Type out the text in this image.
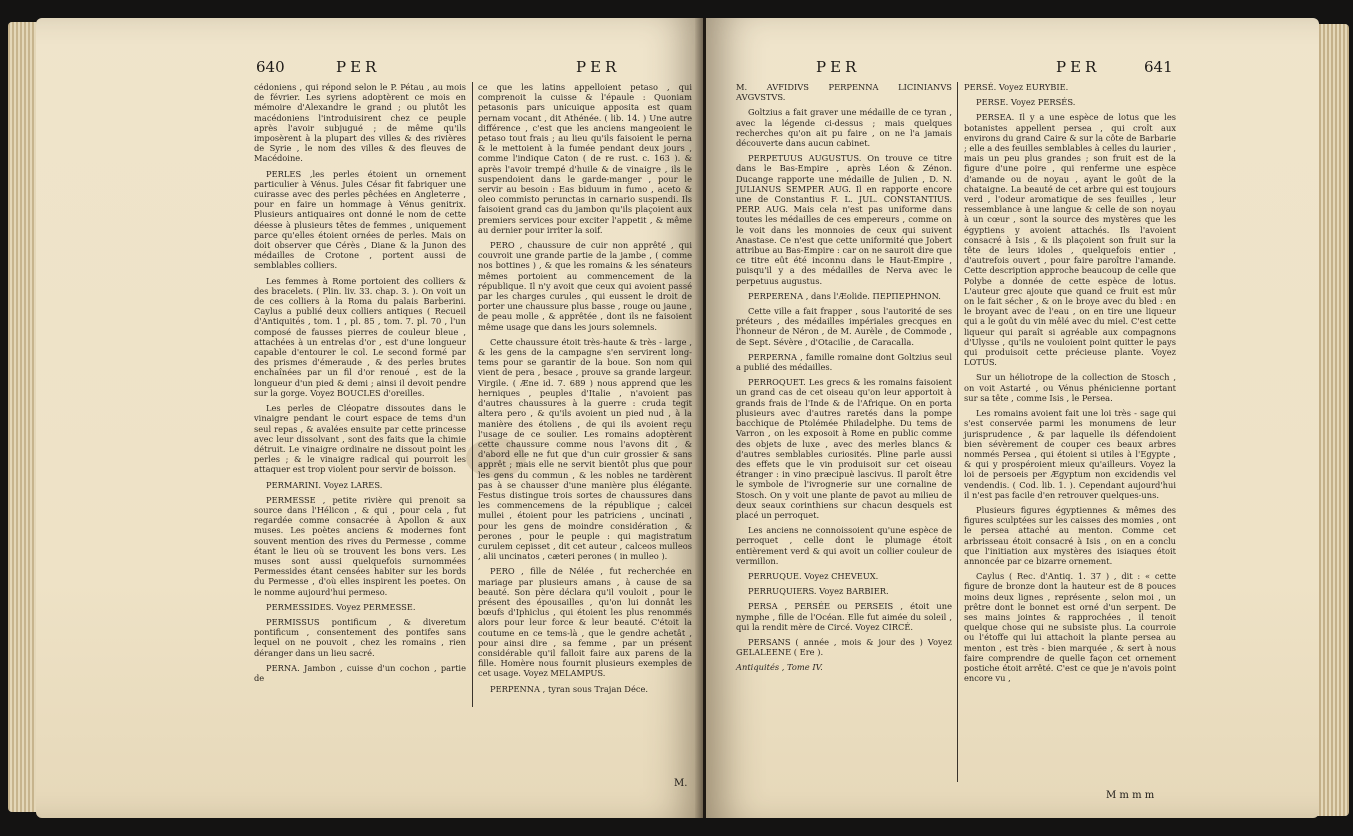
640	PER	PER

cédoniens , qui répond selon le P. Pétau , au mois de février. Les syriens adoptèrent ce mois en mémoire d'Alexandre le grand ; ou plutôt les macédoniens l'introduisirent chez ce peuple après l'avoir subjugué ; de même qu'ils imposèrent à la plupart des villes & des rivières de Syrie , le nom des villes & des fleuves de Macédoine.

PERLES ,les perles étoient un ornement particulier à Vénus. Jules César fit fabriquer une cuirasse avec des perles pêchées en Angleterre , pour en faire un hommage à Vénus genitrix. Plusieurs antiquaires ont donné le nom de cette déesse à plusieurs têtes de femmes , uniquement parce qu'elles étoient ornées de perles. Mais on doit observer que Cérès , Diane & la Junon des médailles de Crotone , portent aussi de semblables colliers.

Les femmes à Rome portoient des colliers & des bracelets. ( Plin. liv. 33. chap. 3. ). On voit un de ces colliers à la Roma du palais Barberini. Caylus a publié deux colliers antiques ( Recueil d'Antiquités , tom. 1 , pl. 85 , tom. 7. pl. 70 , l'un composé de fausses pierres de couleur bleue , attachées à un entrelas d'or , est d'une longueur capable d'entourer le col. Le second formé par des prismes d'émeraude , & des perles brutes enchaînées par un fil d'or renoué , est de la longueur d'un pied & demi ; ainsi il devoit pendre sur la gorge. Voyez BOUCLES d'oreilles.

Les perles de Cléopatre dissoutes dans le vinaigre pendant le court espace de tems d'un seul repas , & avalées ensuite par cette princesse avec leur dissolvant , sont des faits que la chimie détruit. Le vinaigre ordinaire ne dissout point les perles ; & le vinaigre radical qui pourroit les attaquer est trop violent pour servir de boisson.

PERMARINI. Voyez LARES.

PERMESSE , petite rivière qui prenoit sa source dans l'Hélicon , & qui , pour cela , fut regardée comme consacrée à Apollon & aux muses. Les poètes anciens & modernes font souvent mention des rives du Permesse , comme étant le lieu où se trouvent les bons vers. Les muses sont aussi quelquefois surnommées Permessides étant censées habiter sur les bords du Permesse , d'où elles inspirent les poetes. On le nomme aujourd'hui permeso.

PERMESSIDES. Voyez PERMESSE.

PERMISSUS pontificum , & diveretum pontificum , consentement des pontifes sans lequel on ne pouvoit , chez les romains , rien déranger dans un lieu sacré.

PERNA. Jambon , cuisse d'un cochon , partie de

ce que les latins appelloient petaso , qui comprenoit la cuisse & l'épaule : Quoniam petasonis pars unicuique apposita est quam pernam vocant , dit Athénée. ( lib. 14. ) Une autre différence , c'est que les anciens mangeoient le petaso tout frais ; au lieu qu'ils faisoient le perna & le mettoient à la fumée pendant deux jours , comme l'indique Caton ( de re rust. c. 163 ). & après l'avoir trempé d'huile & de vinaigre , ils le suspendoient dans le garde-manger , pour le servir au besoin : Eas biduum in fumo , aceto & oleo commisto perunctas in carnario suspendi. Ils faisoient grand cas du jambon qu'ils plaçoient aux premiers services pour exciter l'appetit , & même au dernier pour irriter la soif.

PERO , chaussure de cuir non apprêté , qui couvroit une grande partie de la jambe , ( comme nos bottines ) , & que les romains & les sénateurs mêmes portoient au commencement de la république. Il n'y avoit que ceux qui avoient passé par les charges curules , qui eussent le droit de porter une chaussure plus basse , rouge ou jaune , de peau molle , & apprêtée , dont ils ne faisoient même usage que dans les jours solemnels.

Cette chaussure étoit très-haute & très - large , & les gens de la campagne s'en servirent long-tems pour se garantir de la boue. Son nom qui vient de pera , besace , prouve sa grande largeur. Virgile. ( Æne id. 7. 689 ) nous apprend que les herniques , peuples d'Italie , n'avoient pas d'autres chaussures à la guerre : cruda tegit altera pero , & qu'ils avoient un pied nud , à la manière des étoliens , de qui ils avoient reçu l'usage de ce soulier. Les romains adoptèrent cette chaussure comme nous l'avons dit , & d'abord elle ne fut que d'un cuir grossier & sans apprêt ; mais elle ne servit bientôt plus que pour les gens du commun , & les nobles ne tardèrent pas à se chausser d'une manière plus élégante. Festus distingue trois sortes de chaussures dans les commencemens de la république ; calcei mullei , étoient pour les patriciens , uncinati , pour les gens de moindre considération , & perones , pour le peuple : qui magistratum curulem cepisset , dit cet auteur , calceos mulleos , alii uncinatos , cæteri perones ( in mulleo ).

PERO , fille de Nélée , fut recherchée en mariage par plusieurs amans , à cause de sa beauté. Son père déclara qu'il vouloit , pour le présent des épousailles , qu'on lui donnât les bœufs d'Iphiclus , qui étoient les plus renommés alors pour leur force & leur beauté. C'étoit la coutume en ce tems-là , que le gendre achetât , pour ainsi dire , sa femme , par un présent considérable qu'il falloit faire aux parens de la fille. Homère nous fournit plusieurs exemples de cet usage. Voyez MELAMPUS.

PERPENNA , tyran sous Trajan Déce.

M.
PER	PER	641

M. AVFIDIVS PERPENNA LICINIANVS AVGVSTVS.

Goltzius a fait graver une médaille de ce tyran , avec la légende ci-dessus ; mais quelques recherches qu'on ait pu faire , on ne l'a jamais découverte dans aucun cabinet.

PERPETUUS AUGUSTUS. On trouve ce titre dans le Bas-Empire , après Léon & Zénon. Ducange rapporte une médaille de Julien , D. N. JULIANUS SEMPER AUG. Il en rapporte encore une de Constantius F. L. JUL. CONSTANTIUS. PERP. AUG. Mais cela n'est pas uniforme dans toutes les médailles de ces empereurs , comme on le voit dans les monnoies de ceux qui suivent Anastase. Ce n'est que cette uniformité que Jobert attribue au Bas-Empire : car on ne sauroit dire que ce titre eût été inconnu dans le Haut-Empire , puisqu'il y a des médailles de Nerva avec le perpetuus augustus.

PERPERENA , dans l'Æolide. ПЕРПЕРНNON.

Cette ville a fait frapper , sous l'autorité de ses préteurs , des médailles impériales grecques en l'honneur de Néron , de M. Aurèle , de Commode , de Sept. Sévère , d'Otacilie , de Caracalla.

PERPERNA , famille romaine dont Goltzius seul a publié des médailles.

PERROQUET. Les grecs & les romains faisoient un grand cas de cet oiseau qu'on leur apportoit à grands frais de l'Inde & de l'Afrique. On en porta plusieurs avec d'autres raretés dans la pompe bacchique de Ptolémée Philadelphe. Du tems de Varron , on les exposoit à Rome en public comme des objets de luxe , avec des merles blancs & d'autres semblables curiosités. Pline parle aussi des effets que le vin produisoit sur cet oiseau étranger : in vino præcipuè lascivus. Il paroît être le symbole de l'ivrognerie sur une cornaline de Stosch. On y voit une plante de pavot au milieu de deux seaux corinthiens sur chacun desquels est placé un perroquet.

Les anciens ne connoissoient qu'une espèce de perroquet , celle dont le plumage étoit entièrement verd & qui avoit un collier couleur de vermillon.

PERRUQUE. Voyez CHEVEUX.

PERRUQUIERS. Voyez BARBIER.

PERSA , PERSÉE ou PERSEIS , étoit une nymphe , fille de l'Océan. Elle fut aimée du soleil , qui la rendit mère de Circé. Voyez CIRCÉ.

PERSANS ( année , mois & jour des ) Voyez GELALEENE ( Ere ).

Antiquités , Tome IV.

PERSÉ. Voyez EURYBIE.

PERSE. Voyez PERSÉS.

PERSEA. Il y a une espèce de lotus que les botanistes appellent persea , qui croît aux environs du grand Caire & sur la côte de Barbarie ; elle a des feuilles semblables à celles du laurier , mais un peu plus grandes ; son fruit est de la figure d'une poire , qui renferme une espèce d'amande ou de noyau , ayant le goût de la chataigne. La beauté de cet arbre qui est toujours verd , l'odeur aromatique de ses feuilles , leur ressemblance à une langue & celle de son noyau à un cœur , sont la source des mystères que les égyptiens y avoient attachés. Ils l'avoient consacré à Isis , & ils plaçoient son fruit sur la tête de leurs idoles , quelquefois entier , d'autrefois ouvert , pour faire paroître l'amande. Cette description approche beaucoup de celle que Polybe a donnée de cette espèce de lotus. L'auteur grec ajoute que quand ce fruit est mûr on le fait sécher , & on le broye avec du bled : en le broyant avec de l'eau , on en tire une liqueur qui a le goût du vin mêlé avec du miel. C'est cette liqueur qui paraît si agréable aux compagnons d'Ulysse , qu'ils ne vouloient point quitter le pays qui produisoit cette précieuse plante. Voyez LOTUS.

Sur un héliotrope de la collection de Stosch , on voit Astarté , ou Vénus phénicienne portant sur sa tête , comme Isis , le Persea.

Les romains avoient fait une loi très - sage qui s'est conservée parmi les monumens de leur jurisprudence , & par laquelle ils défendoient bien sévèrement de couper ces beaux arbres nommés Persea , qui étoient si utiles à l'Egypte , & qui y prospéroient mieux qu'ailleurs. Voyez la loi de persoeis per Ægyptum non excidendis vel vendendis. ( Cod. lib. 1. ). Cependant aujourd'hui il n'est pas facile d'en retrouver quelques-uns.

Plusieurs figures égyptiennes & mêmes des figures sculptées sur les caisses des momies , ont le persea attaché au menton. Comme cet arbrisseau étoit consacré à Isis , on en a conclu que l'initiation aux mystères des isiaques étoit annoncée par ce bizarre ornement.

Caylus ( Rec. d'Antiq. 1. 37 ) , dit : « cette figure de bronze dont la hauteur est de 8 pouces moins deux lignes , représente , selon moi , un prêtre dont le bonnet est orné d'un serpent. De ses mains jointes & rapprochées , il tenoit quelque chose qui ne subsiste plus. La courroie ou l'étoffe qui lui attachoit la plante persea au menton , est très - bien marquée , & sert à nous faire comprendre de quelle façon cet ornement postiche étoit arrêté. C'est ce que je n'avois point encore vu ,

M m m m
